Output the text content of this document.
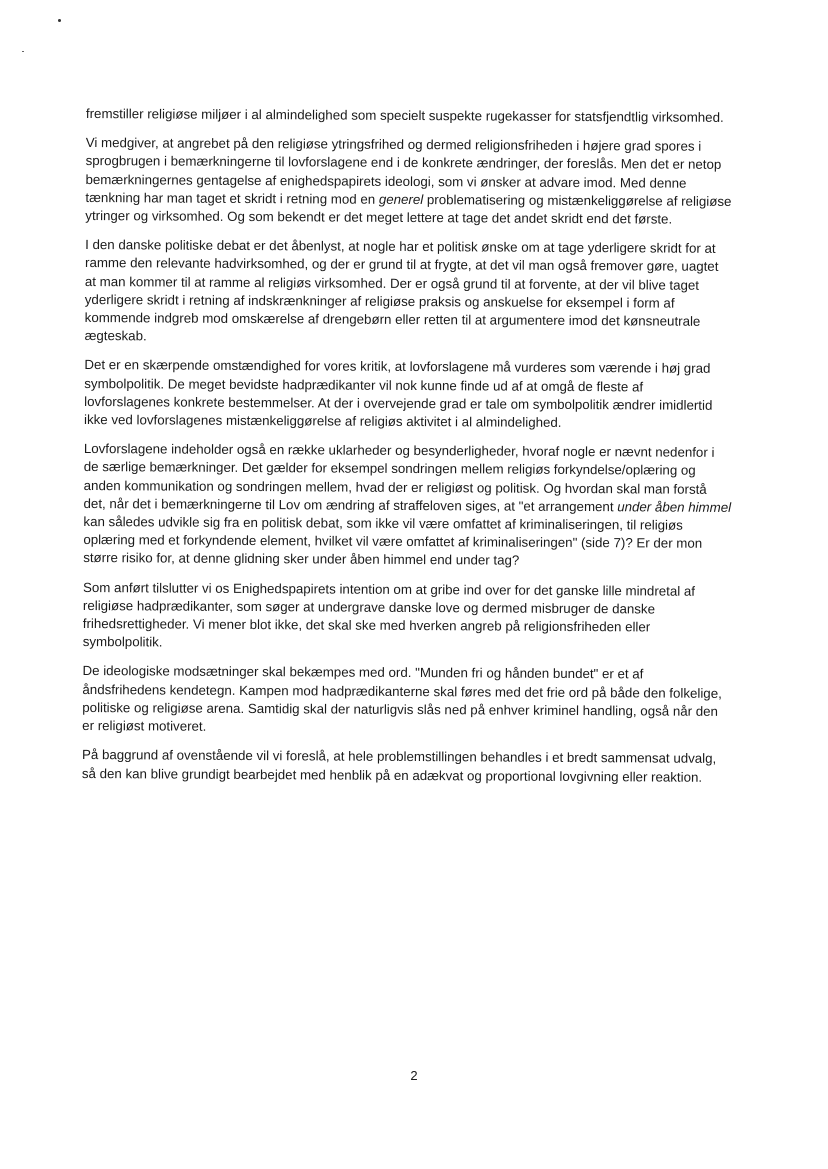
fremstiller religiøse miljøer i al almindelighed som specielt suspekte rugekasser for statsfjendtlig virksomhed.

Vi medgiver, at angrebet på den religiøse ytringsfrihed og dermed religionsfriheden i højere grad spores i sprogbrugen i bemærkningerne til lovforslagene end i de konkrete ændringer, der foreslås. Men det er netop bemærkningernes gentagelse af enighedspapirets ideologi, som vi ønsker at advare imod. Med denne tænkning har man taget et skridt i retning mod en generel problematisering og mistænkeliggørelse af religiøse ytringer og virksomhed. Og som bekendt er det meget lettere at tage det andet skridt end det første.

I den danske politiske debat er det åbenlyst, at nogle har et politisk ønske om at tage yderligere skridt for at ramme den relevante hadvirksomhed, og der er grund til at frygte, at det vil man også fremover gøre, uagtet at man kommer til at ramme al religiøs virksomhed. Der er også grund til at forvente, at der vil blive taget yderligere skridt i retning af indskrænkninger af religiøse praksis og anskuelse for eksempel i form af kommende indgreb mod omskærelse af drengebørn eller retten til at argumentere imod det kønsneutrale ægteskab.

Det er en skærpende omstændighed for vores kritik, at lovforslagene må vurderes som værende i høj grad symbolpolitik. De meget bevidste hadprædikanter vil nok kunne finde ud af at omgå de fleste af lovforslagenes konkrete bestemmelser. At der i overvejende grad er tale om symbolpolitik ændrer imidlertid ikke ved lovforslagenes mistænkeliggørelse af religiøs aktivitet i al almindelighed.

Lovforslagene indeholder også en række uklarheder og besynderligheder, hvoraf nogle er nævnt nedenfor i de særlige bemærkninger. Det gælder for eksempel sondringen mellem religiøs forkyndelse/oplæring og anden kommunikation og sondringen mellem, hvad der er religiøst og politisk. Og hvordan skal man forstå det, når det i bemærkningerne til Lov om ændring af straffeloven siges, at "et arrangement under åben himmel kan således udvikle sig fra en politisk debat, som ikke vil være omfattet af kriminaliseringen, til religiøs oplæring med et forkyndende element, hvilket vil være omfattet af kriminaliseringen" (side 7)? Er der mon større risiko for, at denne glidning sker under åben himmel end under tag?

Som anført tilslutter vi os Enighedspapirets intention om at gribe ind over for det ganske lille mindretal af religiøse hadprædikanter, som søger at undergrave danske love og dermed misbruger de danske frihedsrettigheder. Vi mener blot ikke, det skal ske med hverken angreb på religionsfriheden eller symbolpolitik.

De ideologiske modsætninger skal bekæmpes med ord. "Munden fri og hånden bundet" er et af åndsfrihedens kendetegn. Kampen mod hadprædikanterne skal føres med det frie ord på både den folkelige, politiske og religiøse arena. Samtidig skal der naturligvis slås ned på enhver kriminel handling, også når den er religiøst motiveret.

På baggrund af ovenstående vil vi foreslå, at hele problemstillingen behandles i et bredt sammensat udvalg, så den kan blive grundigt bearbejdet med henblik på en adækvat og proportional lovgivning eller reaktion.

2
